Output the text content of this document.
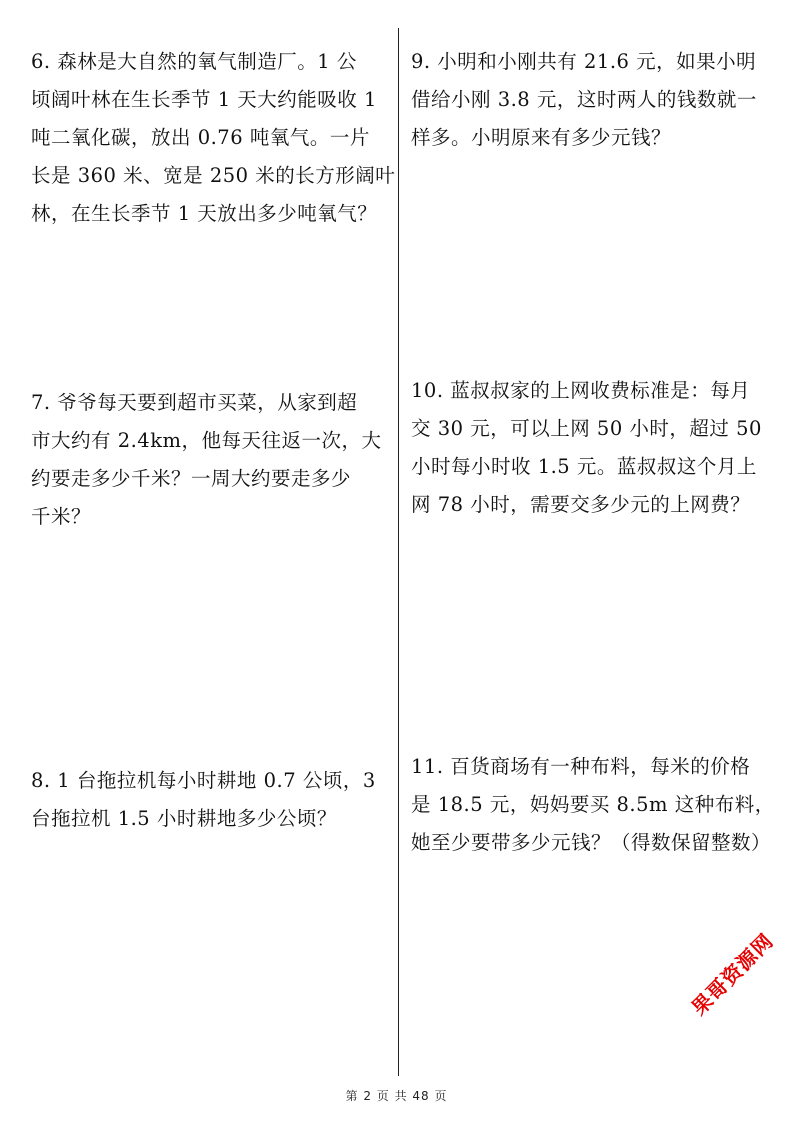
6. 森林是大自然的氧气制造厂。1 公
顷阔叶林在生长季节 1 天大约能吸收 1
吨二氧化碳，放出 0.76 吨氧气。一片
长是 360 米、宽是 250 米的长方形阔叶
林，在生长季节 1 天放出多少吨氧气？
7. 爷爷每天要到超市买菜，从家到超
市大约有 2.4km，他每天往返一次，大
约要走多少千米？一周大约要走多少
千米？
8. 1 台拖拉机每小时耕地 0.7 公顷，3
台拖拉机 1.5 小时耕地多少公顷？
9. 小明和小刚共有 21.6 元，如果小明
借给小刚 3.8 元，这时两人的钱数就一
样多。小明原来有多少元钱？
10. 蓝叔叔家的上网收费标准是：每月
交 30 元，可以上网 50 小时，超过 50
小时每小时收 1.5 元。蓝叔叔这个月上
网 78 小时，需要交多少元的上网费？
11. 百货商场有一种布料，每米的价格
是 18.5 元，妈妈要买 8.5m 这种布料，
她至少要带多少元钱？（得数保留整数）
果哥资源网
第 2 页 共 48 页
